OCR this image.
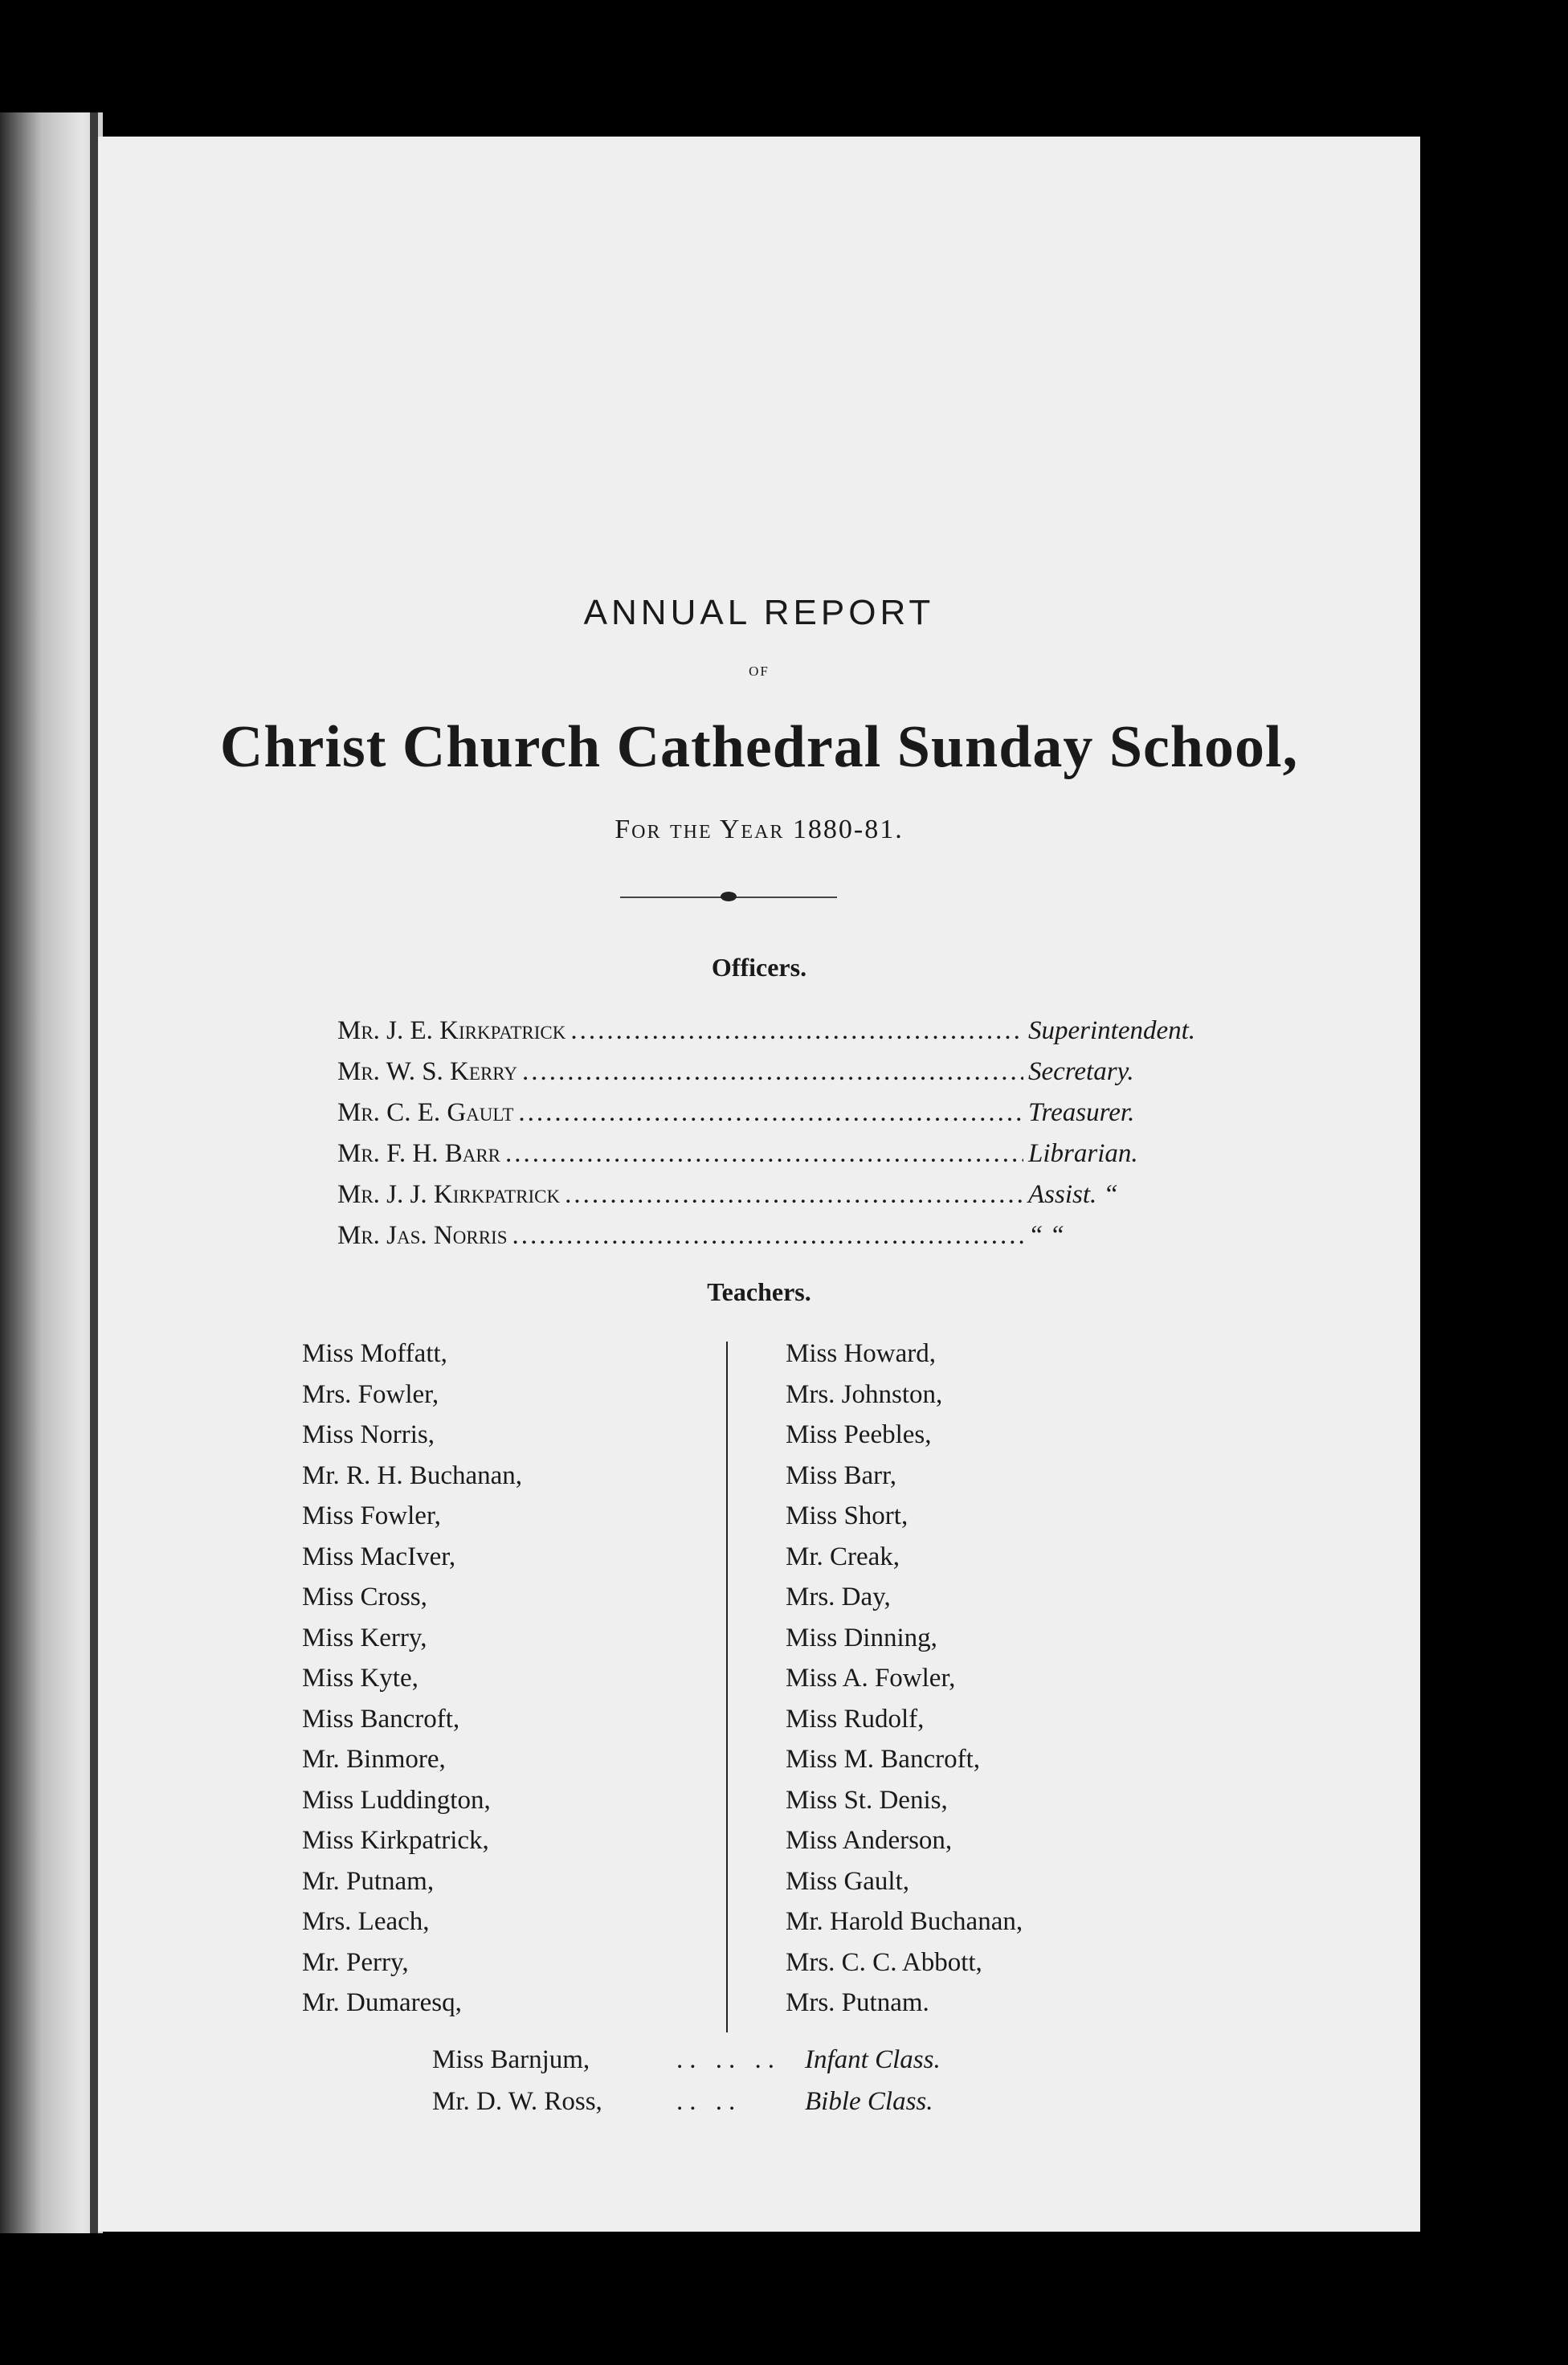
ANNUAL REPORT
OF
Christ Church Cathedral Sunday School,
For the Year 1880-81.
Officers.
Mr. J. E. Kirkpatrick .....	Superintendent.
Mr. W. S. Kerry .....	Secretary.
Mr. C. E. Gault .....	Treasurer.
Mr. F. H. Barr .....	Librarian.
Mr. J. J. Kirkpatrick .....	Assist. “
Mr. Jas. Norris .....	“ “
Teachers.
Miss Moffatt,
Mrs. Fowler,
Miss Norris,
Mr. R. H. Buchanan,
Miss Fowler,
Miss MacIver,
Miss Cross,
Miss Kerry,
Miss Kyte,
Miss Bancroft,
Mr. Binmore,
Miss Luddington,
Miss Kirkpatrick,
Mr. Putnam,
Mrs. Leach,
Mr. Perry,
Mr. Dumaresq,
Miss Howard,
Mrs. Johnston,
Miss Peebles,
Miss Barr,
Miss Short,
Mr. Creak,
Mrs. Day,
Miss Dinning,
Miss A. Fowler,
Miss Rudolf,
Miss M. Bancroft,
Miss St. Denis,
Miss Anderson,
Miss Gault,
Mr. Harold Buchanan,
Mrs. C. C. Abbott,
Mrs. Putnam.
Miss Barnjum,	.. .. .. Infant Class.
Mr. D. W. Ross,	.. ..	Bible Class.
